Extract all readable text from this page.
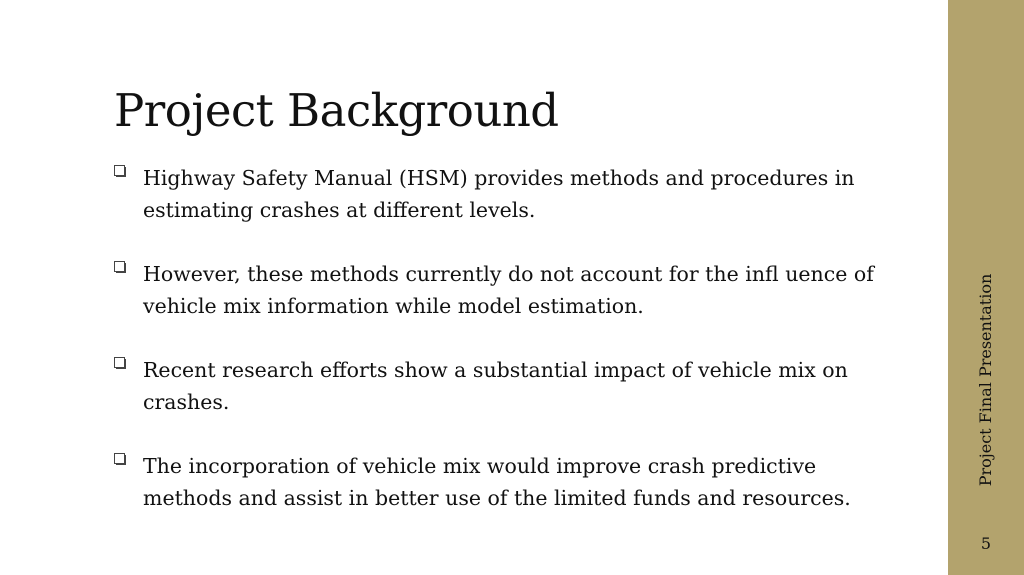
Project Background

Highway Safety Manual (HSM) provides methods and procedures in estimating crashes at different levels.

However, these methods currently do not account for the infl uence of vehicle mix information while model estimation.

Recent research efforts show a substantial impact of vehicle mix on crashes.

The incorporation of vehicle mix would improve crash predictive methods and assist in better use of the limited funds and resources.

Project Final Presentation
5
